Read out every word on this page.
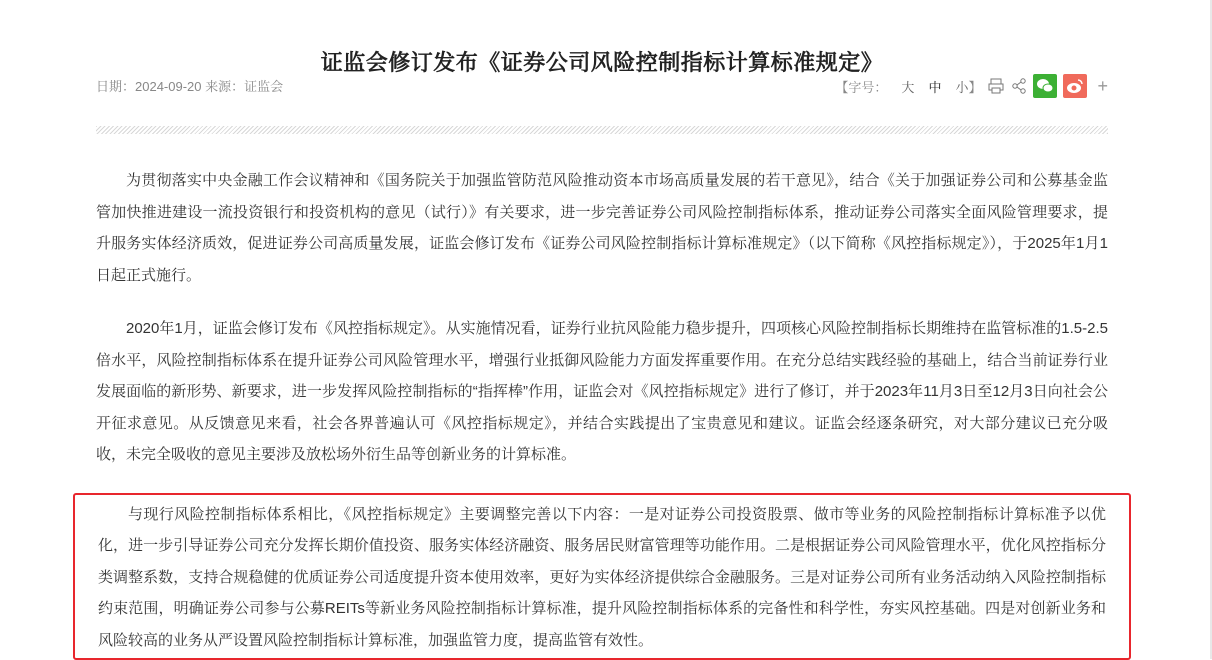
证监会修订发布《证券公司风险控制指标计算标准规定》
日期：2024-09-20 来源：证监会	【字号： 大 中 小 】	+

为贯彻落实中央金融工作会议精神和《国务院关于加强监管防范风险推动资本市场高质量发展的若干意见》，结合《关于加强证券公司和公募基金监管加快推进建设一流投资银行和投资机构的意见（试行）》有关要求，进一步完善证券公司风险控制指标体系，推动证券公司落实全面风险管理要求，提升服务实体经济质效，促进证券公司高质量发展，证监会修订发布《证券公司风险控制指标计算标准规定》（以下简称《风控指标规定》），于2025年1月1日起正式施行。

2020年1月，证监会修订发布《风控指标规定》。从实施情况看，证券行业抗风险能力稳步提升，四项核心风险控制指标长期维持在监管标准的1.5-2.5倍水平，风险控制指标体系在提升证券公司风险管理水平，增强行业抵御风险能力方面发挥重要作用。在充分总结实践经验的基础上，结合当前证券行业发展面临的新形势、新要求，进一步发挥风险控制指标的“指挥棒”作用，证监会对《风控指标规定》进行了修订，并于2023年11月3日至12月3日向社会公开征求意见。从反馈意见来看，社会各界普遍认可《风控指标规定》，并结合实践提出了宝贵意见和建议。证监会经逐条研究，对大部分建议已充分吸收，未完全吸收的意见主要涉及放松场外衍生品等创新业务的计算标准。

与现行风险控制指标体系相比，《风控指标规定》主要调整完善以下内容：一是对证券公司投资股票、做市等业务的风险控制指标计算标准予以优化，进一步引导证券公司充分发挥长期价值投资、服务实体经济融资、服务居民财富管理等功能作用。二是根据证券公司风险管理水平，优化风控指标分类调整系数，支持合规稳健的优质证券公司适度提升资本使用效率，更好为实体经济提供综合金融服务。三是对证券公司所有业务活动纳入风险控制指标约束范围，明确证券公司参与公募REITs等新业务风险控制指标计算标准，提升风险控制指标体系的完备性和科学性，夯实风控基础。四是对创新业务和风险较高的业务从严设置风险控制指标计算标准，加强监管力度，提高监管有效性。
